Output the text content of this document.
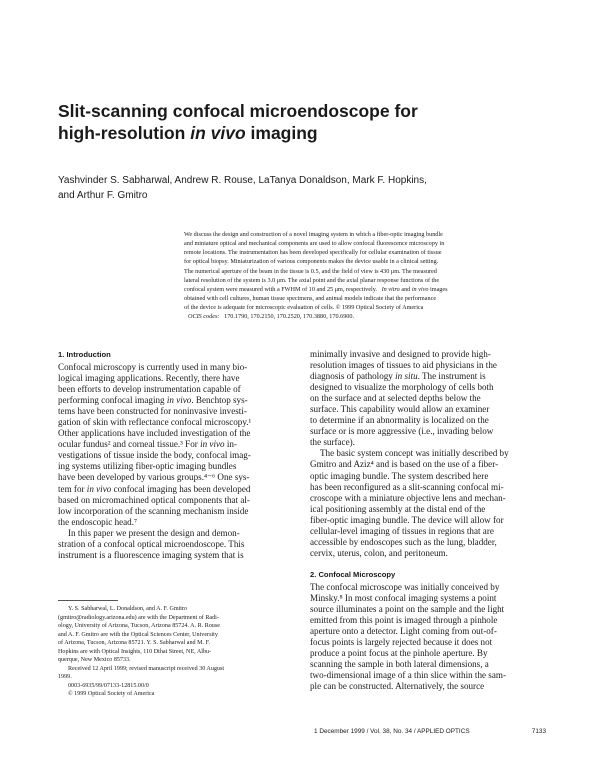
Slit-scanning confocal microendoscope for
high-resolution in vivo imaging
Yashvinder S. Sabharwal, Andrew R. Rouse, LaTanya Donaldson, Mark F. Hopkins,
and Arthur F. Gmitro
We discuss the design and construction of a novel imaging system in which a fiber-optic imaging bundle
and miniature optical and mechanical components are used to allow confocal fluorescence microscopy in
remote locations. The instrumentation has been developed specifically for cellular examination of tissue
for optical biopsy. Miniaturization of various components makes the device usable in a clinical setting.
The numerical aperture of the beam in the tissue is 0.5, and the field of view is 430 μm. The measured
lateral resolution of the system is 3.0 μm. The axial point and the axial planar response functions of the
confocal system were measured with a FWHM of 10 and 25 μm, respectively. In vitro and in vivo images
obtained with cell cultures, human tissue specimens, and animal models indicate that the performance
of the device is adequate for microscopic evaluation of cells. © 1999 Optical Society of America
OCIS codes: 170.1790, 170.2150, 170.2520, 170.3880, 170.6900.
1. Introduction
Confocal microscopy is currently used in many bio-
logical imaging applications. Recently, there have
been efforts to develop instrumentation capable of
performing confocal imaging in vivo. Benchtop sys-
tems have been constructed for noninvasive investi-
gation of skin with reflectance confocal microscopy.¹
Other applications have included investigation of the
ocular fundus² and corneal tissue.³ For in vivo in-
vestigations of tissue inside the body, confocal imag-
ing systems utilizing fiber-optic imaging bundles
have been developed by various groups.⁴⁻⁶ One sys-
tem for in vivo confocal imaging has been developed
based on micromachined optical components that al-
low incorporation of the scanning mechanism inside
the endoscopic head.⁷
In this paper we present the design and demon-
stration of a confocal optical microendoscope. This
instrument is a fluorescence imaging system that is
minimally invasive and designed to provide high-
resolution images of tissues to aid physicians in the
diagnosis of pathology in situ. The instrument is
designed to visualize the morphology of cells both
on the surface and at selected depths below the
surface. This capability would allow an examiner
to determine if an abnormality is localized on the
surface or is more aggressive (i.e., invading below
the surface).
The basic system concept was initially described by
Gmitro and Aziz⁴ and is based on the use of a fiber-
optic imaging bundle. The system described here
has been reconfigured as a slit-scanning confocal mi-
croscope with a miniature objective lens and mechan-
ical positioning assembly at the distal end of the
fiber-optic imaging bundle. The device will allow for
cellular-level imaging of tissues in regions that are
accessible by endoscopes such as the lung, bladder,
cervix, uterus, colon, and peritoneum.
2. Confocal Microscopy
The confocal microscope was initially conceived by
Minsky.⁸ In most confocal imaging systems a point
source illuminates a point on the sample and the light
emitted from this point is imaged through a pinhole
aperture onto a detector. Light coming from out-of-
focus points is largely rejected because it does not
produce a point focus at the pinhole aperture. By
scanning the sample in both lateral dimensions, a
two-dimensional image of a thin slice within the sam-
ple can be constructed. Alternatively, the source
Y. S. Sabharwal, L. Donaldson, and A. F. Gmitro
(gmitro@radiology.arizona.edu) are with the Department of Radi-
ology, University of Arizona, Tucson, Arizona 85724. A. R. Rouse
and A. F. Gmitro are with the Optical Sciences Center, University
of Arizona, Tucson, Arizona 85721. Y. S. Sabharwal and M. F.
Hopkins are with Optical Insights, 110 Dthat Street, NE, Albu-
querque, New Mexico 85733.
Received 12 April 1999; revised manuscript received 30 August
1999.
0003-6935/99/07133-12815.00/0
© 1999 Optical Society of America
1 December 1999 / Vol. 38, No. 34 / APPLIED OPTICS	7133
